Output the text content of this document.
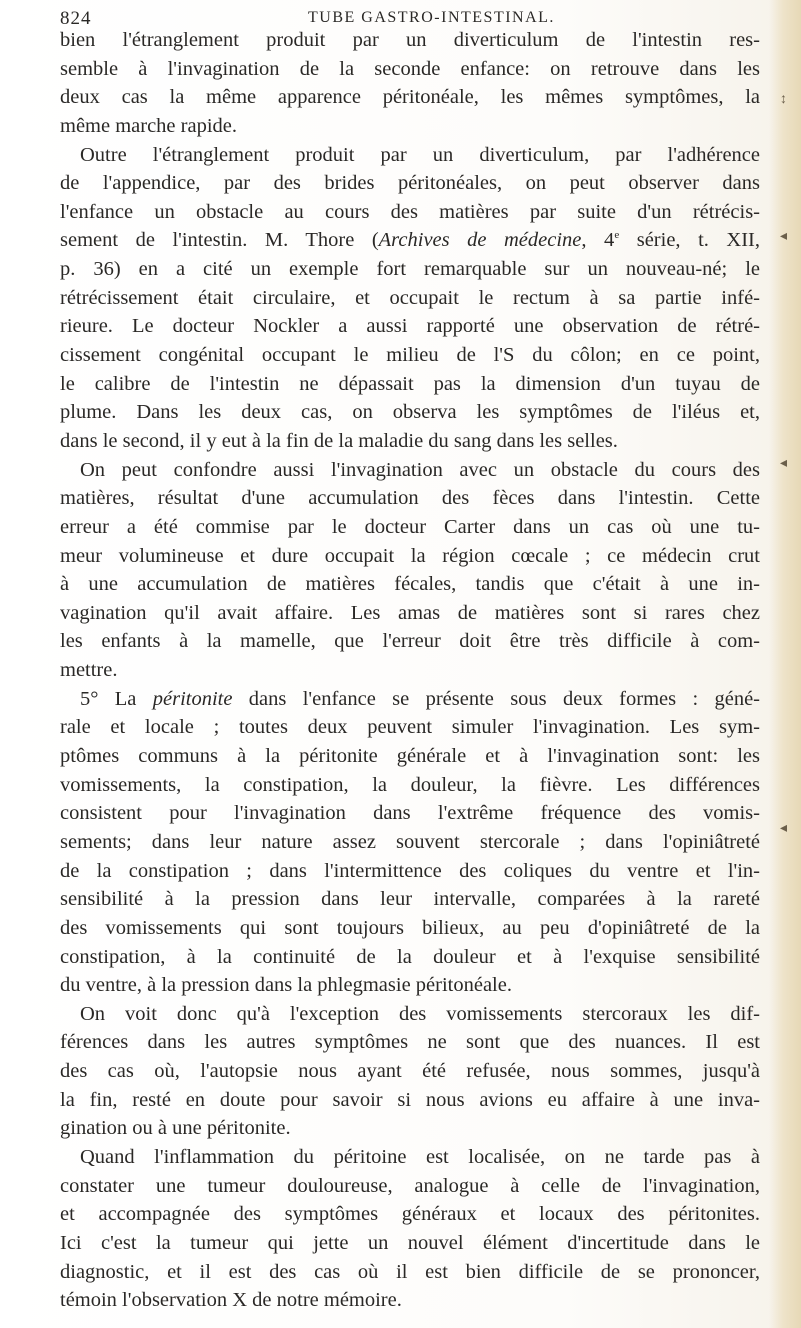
↕
◂
◂
◂
824	TUBE GASTRO-INTESTINAL.
bien l'étranglement produit par un diverticulum de l'intestin res-
semble à l'invagination de la seconde enfance: on retrouve dans les
deux cas la même apparence péritonéale, les mêmes symptômes, la
même marche rapide.
Outre l'étranglement produit par un diverticulum, par l'adhérence
de l'appendice, par des brides péritonéales, on peut observer dans
l'enfance un obstacle au cours des matières par suite d'un rétrécis-
sement de l'intestin. M. Thore (Archives de médecine, 4e série, t. XII,
p. 36) en a cité un exemple fort remarquable sur un nouveau-né; le
rétrécissement était circulaire, et occupait le rectum à sa partie infé-
rieure. Le docteur Nockler a aussi rapporté une observation de rétré-
cissement congénital occupant le milieu de l'S du côlon; en ce point,
le calibre de l'intestin ne dépassait pas la dimension d'un tuyau de
plume. Dans les deux cas, on observa les symptômes de l'iléus et,
dans le second, il y eut à la fin de la maladie du sang dans les selles.
On peut confondre aussi l'invagination avec un obstacle du cours des
matières, résultat d'une accumulation des fèces dans l'intestin. Cette
erreur a été commise par le docteur Carter dans un cas où une tu-
meur volumineuse et dure occupait la région cœcale ; ce médecin crut
à une accumulation de matières fécales, tandis que c'était à une in-
vagination qu'il avait affaire. Les amas de matières sont si rares chez
les enfants à la mamelle, que l'erreur doit être très difficile à com-
mettre.
5° La péritonite dans l'enfance se présente sous deux formes : géné-
rale et locale ; toutes deux peuvent simuler l'invagination. Les sym-
ptômes communs à la péritonite générale et à l'invagination sont: les
vomissements, la constipation, la douleur, la fièvre. Les différences
consistent pour l'invagination dans l'extrême fréquence des vomis-
sements; dans leur nature assez souvent stercorale ; dans l'opiniâtreté
de la constipation ; dans l'intermittence des coliques du ventre et l'in-
sensibilité à la pression dans leur intervalle, comparées à la rareté
des vomissements qui sont toujours bilieux, au peu d'opiniâtreté de la
constipation, à la continuité de la douleur et à l'exquise sensibilité
du ventre, à la pression dans la phlegmasie péritonéale.
On voit donc qu'à l'exception des vomissements stercoraux les dif-
férences dans les autres symptômes ne sont que des nuances. Il est
des cas où, l'autopsie nous ayant été refusée, nous sommes, jusqu'à
la fin, resté en doute pour savoir si nous avions eu affaire à une inva-
gination ou à une péritonite.
Quand l'inflammation du péritoine est localisée, on ne tarde pas à
constater une tumeur douloureuse, analogue à celle de l'invagination,
et accompagnée des symptômes généraux et locaux des péritonites.
Ici c'est la tumeur qui jette un nouvel élément d'incertitude dans le
diagnostic, et il est des cas où il est bien difficile de se prononcer,
témoin l'observation X de notre mémoire.
